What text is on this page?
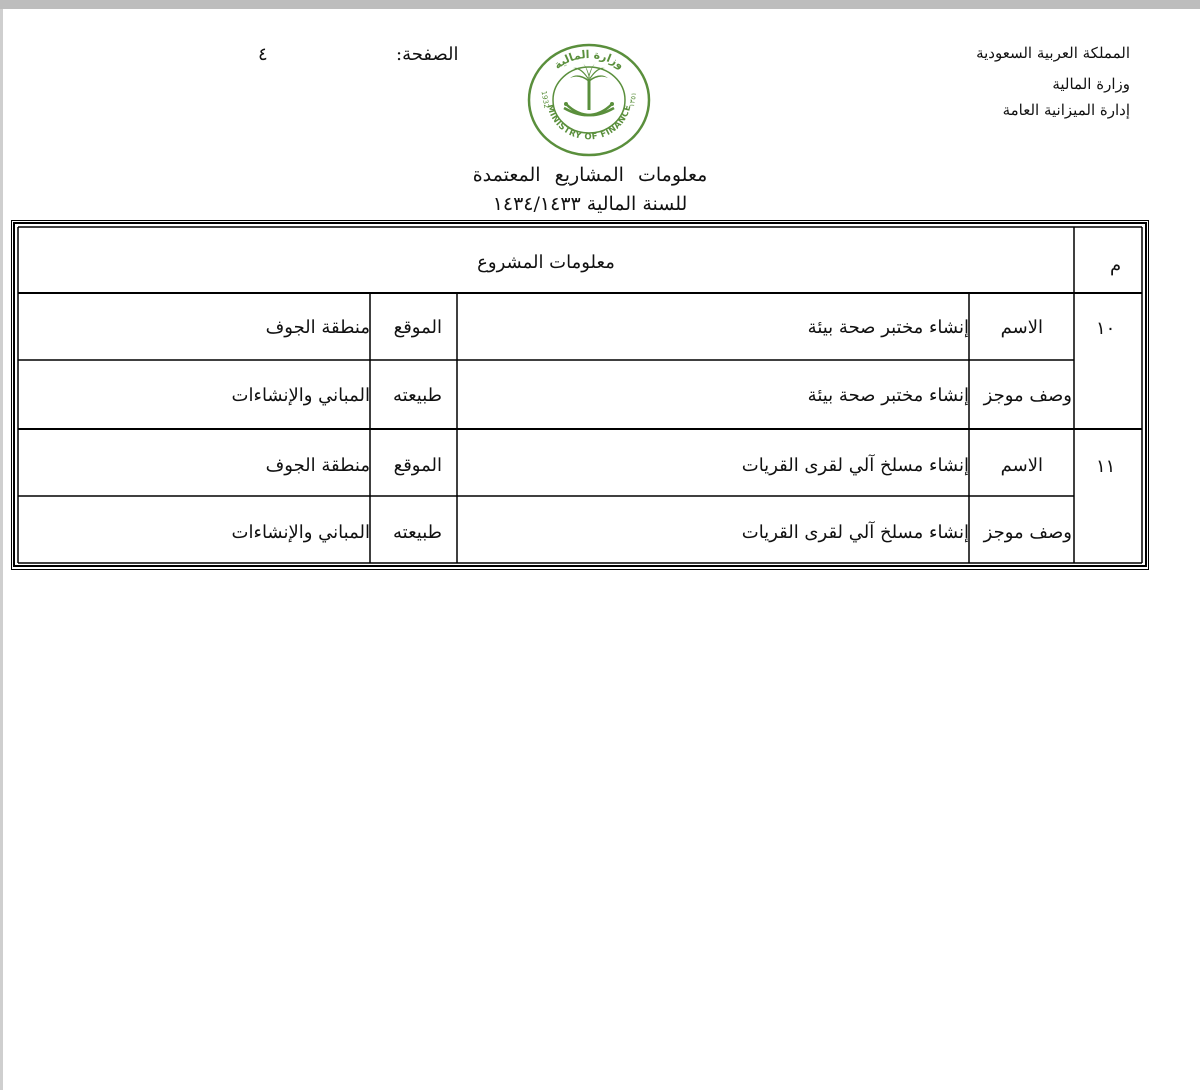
المملكة العربية السعودية
وزارة المالية
إدارة الميزانية العامة
الصفحة:
٤	وزارة المالية
MINISTRY OF FINANCE
1932	١٣٥١
معلومات المشاريع المعتمدة
للسنة المالية ١٤٣٤/١٤٣٣
م
معلومات المشروع
١٠
الاسم
إنشاء مختبر صحة بيئة
الموقع
منطقة الجوف
وصف موجز
إنشاء مختبر صحة بيئة
طبيعته
المباني والإنشاءات
١١
الاسم
إنشاء مسلخ آلي لقرى القريات
الموقع
منطقة الجوف
وصف موجز
إنشاء مسلخ آلي لقرى القريات
طبيعته
المباني والإنشاءات
